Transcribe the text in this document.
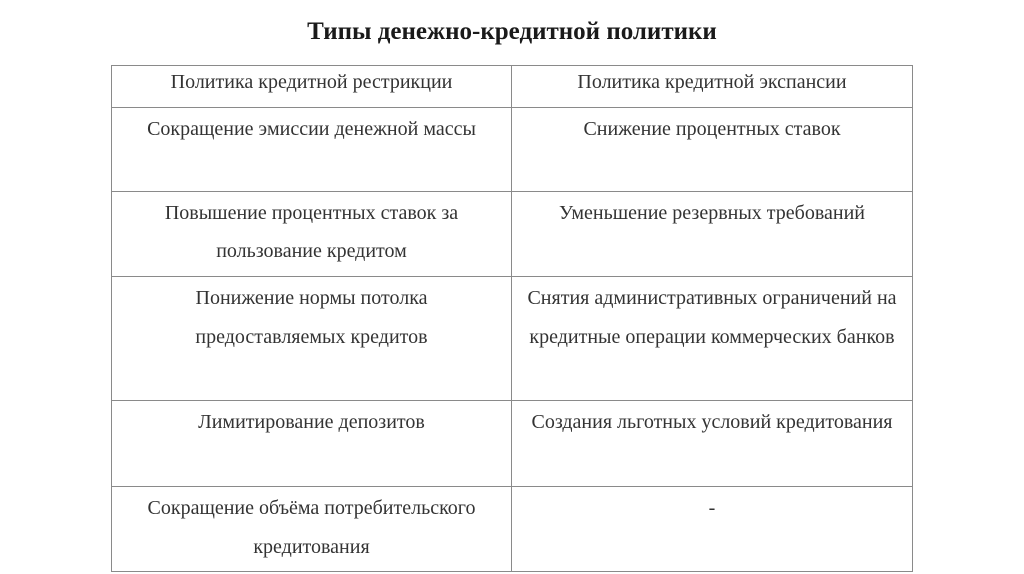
Типы денежно-кредитной политики
Политика кредитной рестрикции	Политика кредитной экспансии
Сокращение эмиссии денежной массы	Снижение процентных ставок
Повышение процентных ставок за пользование кредитом	Уменьшение резервных требований
Понижение нормы потолка предоставляемых кредитов	Снятия административных ограничений на кредитные операции коммерческих банков
Лимитирование депозитов	Создания льготных условий кредитования
Сокращение объёма потребительского кредитования	-
